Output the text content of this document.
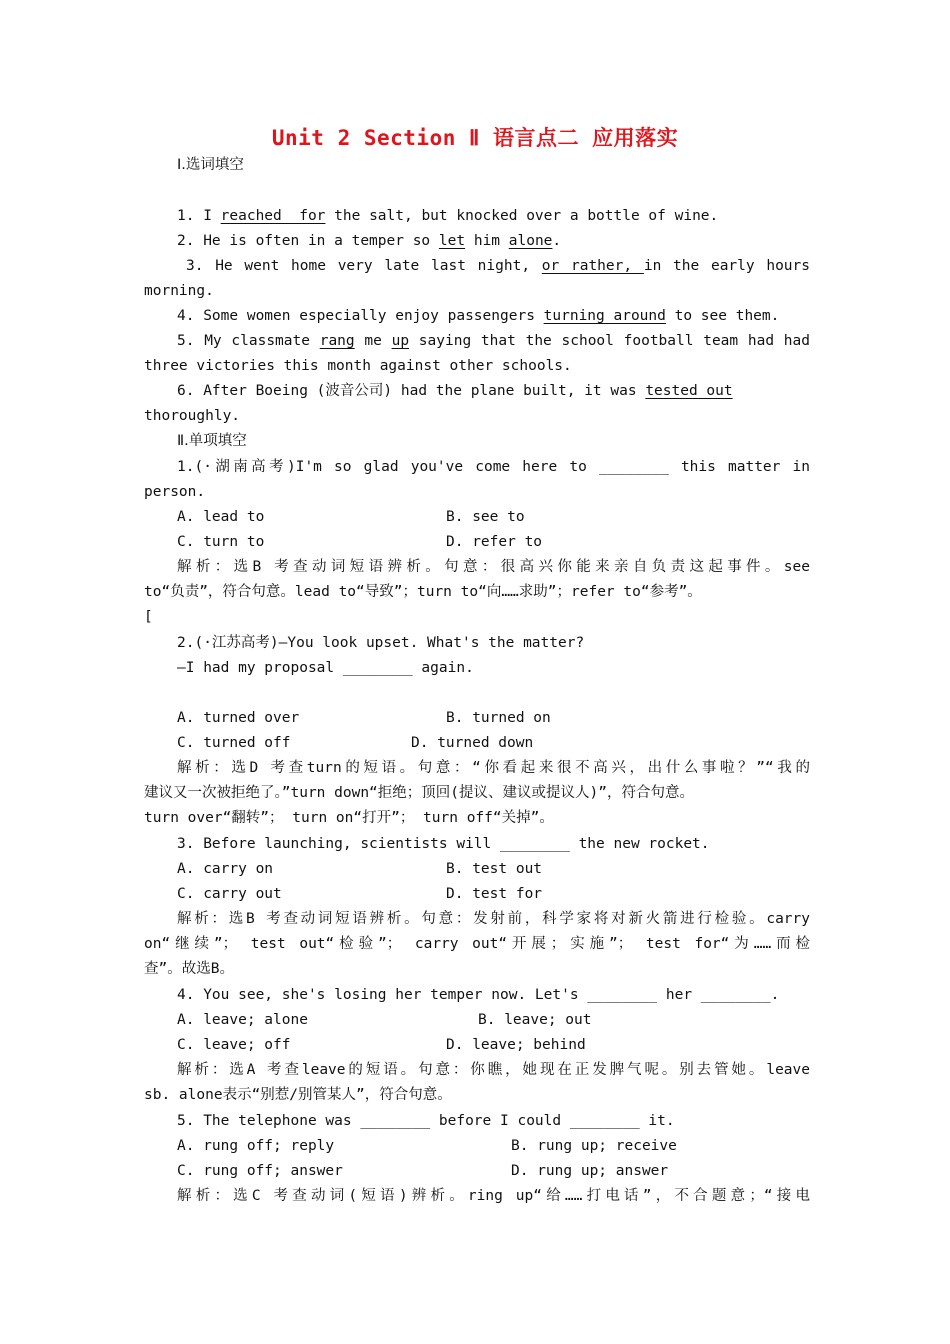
Unit 2 Section Ⅱ 语言点二 应用落实
Ⅰ.选词填空
1. I reached  for the salt, but knocked over a bottle of wine.
2. He is often in a temper so let him alone.
3. He went home very late last night, or rather, in the early hours
morning.
4. Some women especially enjoy passengers turning around to see them.
5. My classmate rang me up saying that the school football team had had
three victories this month against other schools.
6. After Boeing (波音公司) had the plane built, it was tested out
thoroughly.
Ⅱ.单项填空
1.(·湖南高考)I'm so glad you've come here to ________ this matter in
person.
A. lead to	B. see to
C. turn to	D. refer to
解析：选B 考查动词短语辨析。句意：很高兴你能来亲自负责这起事件。see
to“负责”，符合句意。lead to“导致”；turn to“向……求助”；refer to“参考”。
[
2.(·江苏高考)—You look upset. What's the matter?
—I had my proposal ________ again.
A. turned over	B. turned on
C. turned off	D. turned down
解析：选D 考查turn的短语。句意：“你看起来很不高兴，出什么事啦？”“我的
建议又一次被拒绝了。”turn down“拒绝；顶回(提议、建议或提议人)”，符合句意。
turn over“翻转”； turn on“打开”； turn off“关掉”。
3. Before launching, scientists will ________ the new rocket.
A. carry on	B. test out
C. carry out	D. test for
解析：选B 考查动词短语辨析。句意：发射前，科学家将对新火箭进行检验。carry
on“继续”； test out“检验”； carry out“开展；实施”； test for“为……而检
查”。故选B。
4. You see, she's losing her temper now. Let's ________ her ________.
A. leave; alone	B. leave; out
C. leave; off	D. leave; behind
解析：选A 考查leave的短语。句意：你瞧，她现在正发脾气呢。别去管她。leave
sb. alone表示“别惹/别管某人”，符合句意。
5. The telephone was ________ before I could ________ it.
A. rung off; reply	B. rung up; receive
C. rung off; answer	D. rung up; answer
解析：选C 考查动词(短语)辨析。ring up“给……打电话”，不合题意；“接电
